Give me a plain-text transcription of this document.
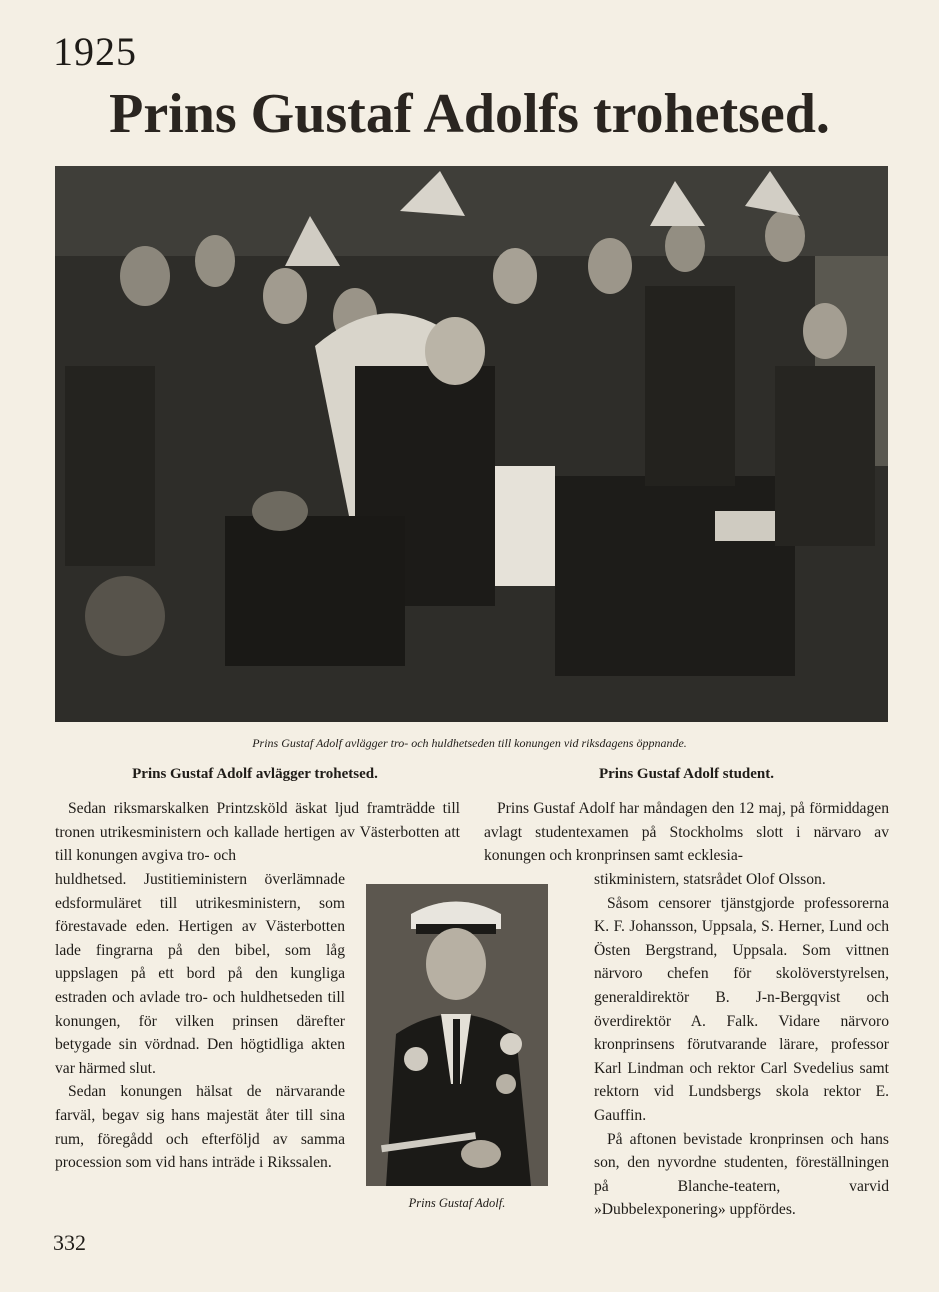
1925
Prins Gustaf Adolfs trohetsed.
Prins Gustaf Adolf avlägger tro- och huldhetseden till konungen vid riksdagens öppnande.
Prins Gustaf Adolf avlägger trohetsed.	Prins Gustaf Adolf student.

Sedan riksmarskalken Printzsköld äskat ljud framträdde till tronen utrikesministern och kallade hertigen av Västerbotten att till konungen avgiva tro- och

huldhetsed. Justitieministern överlämnade edsformuläret till utrikesministern, som förestavade eden. Hertigen av Västerbotten lade fingrarna på den bibel, som låg uppslagen på ett bord på den kungliga estraden och avlade tro- och huldhetseden till konungen, för vilken prinsen därefter betygade sin vördnad. Den högtidliga akten var härmed slut.

Sedan konungen hälsat de närvarande farväl, begav sig hans majestät åter till sina rum, föregådd och efterföljd av samma procession som vid hans inträde i Rikssalen.

Prins Gustaf Adolf.

Prins Gustaf Adolf har måndagen den 12 maj, på förmiddagen avlagt studentexamen på Stockholms slott i närvaro av konungen och kronprinsen samt ecklesia-

stikministern, statsrådet Olof Olsson.

Såsom censorer tjänstgjorde professorerna K. F. Johansson, Uppsala, S. Herner, Lund och Östen Bergstrand, Uppsala. Som vittnen närvoro chefen för skolöverstyrelsen, generaldirektör B. J-n-Bergqvist och överdirektör A. Falk. Vidare närvoro kronprinsens förutvarande lärare, professor Karl Lindman och rektor Carl Svedelius samt rektorn vid Lundsbergs skola rektor E. Gauffin.

På aftonen bevistade kronprinsen och hans son, den nyvordne studenten, föreställningen på Blanche-teatern, varvid »Dubbelexponering» uppfördes.

332
